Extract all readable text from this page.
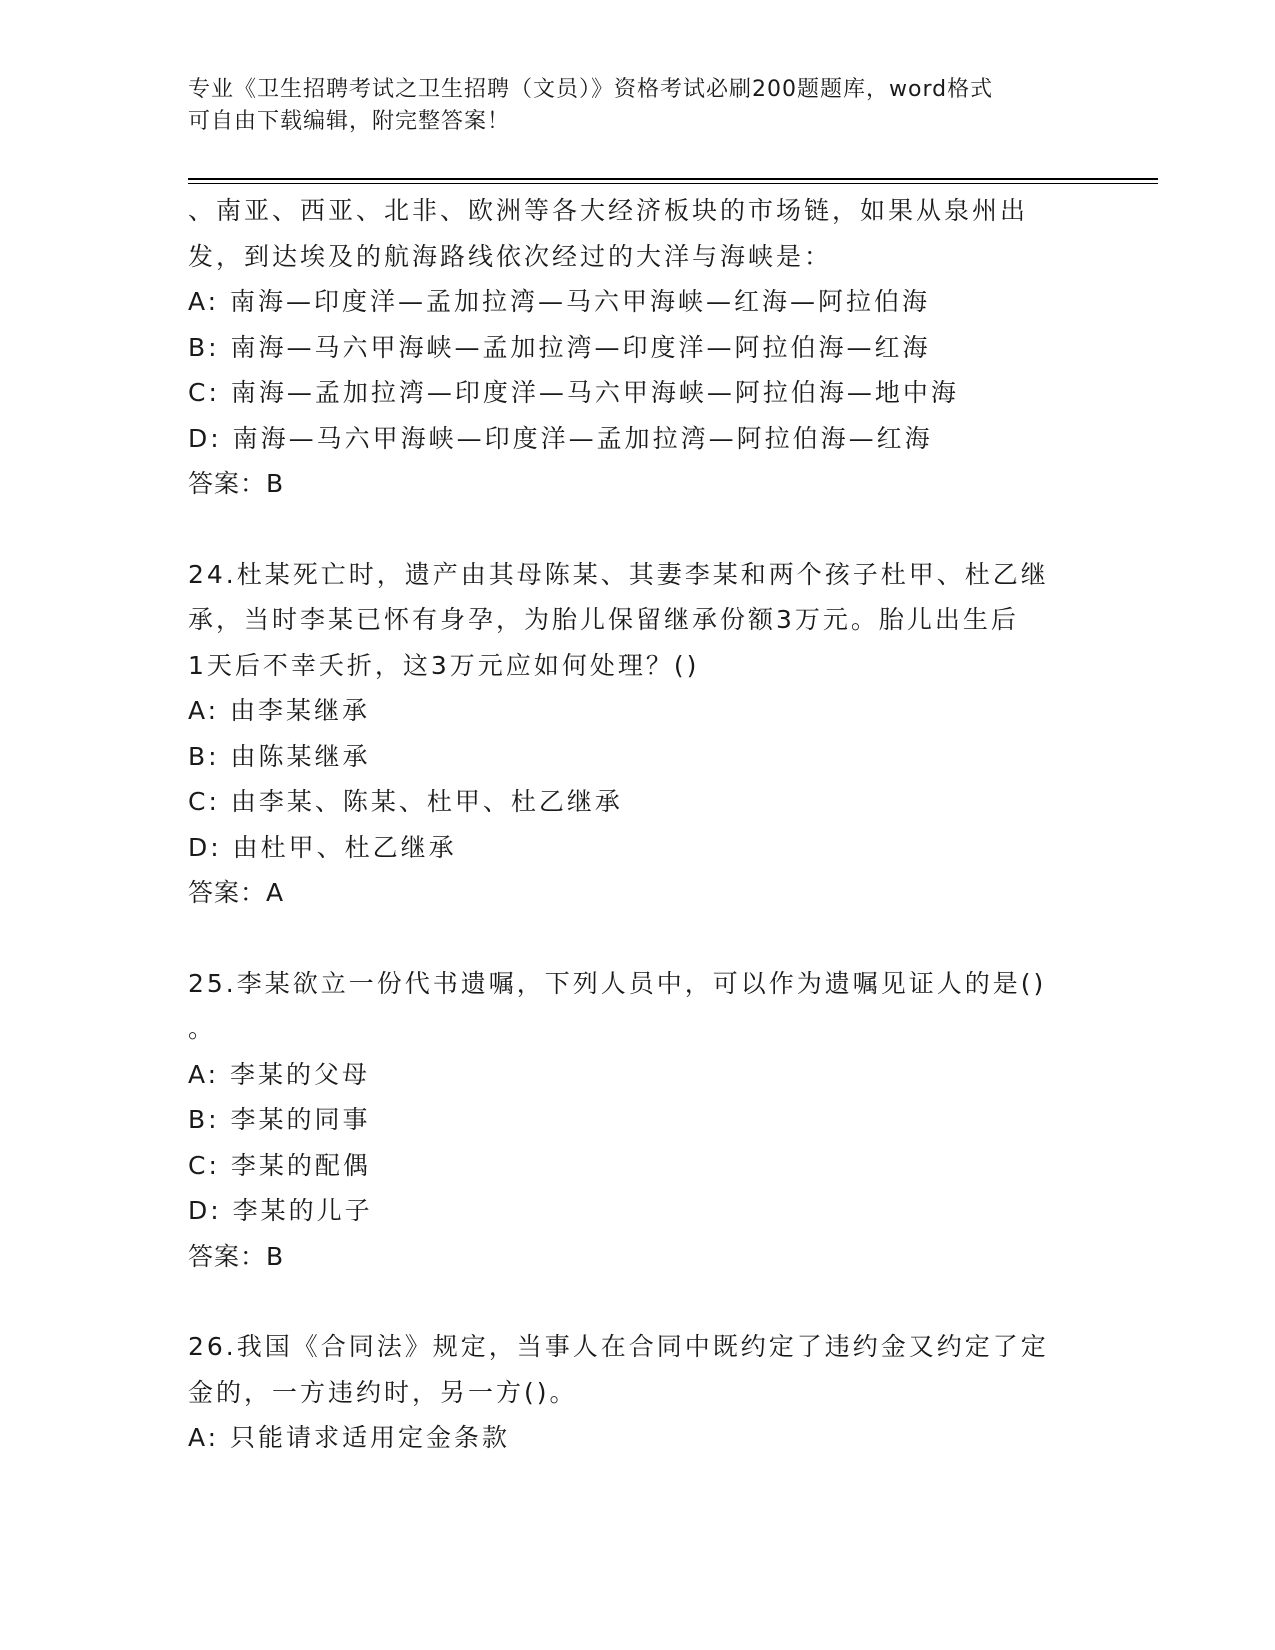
专业《卫生招聘考试之卫生招聘（文员）》资格考试必刷200题题库，word格式
可自由下载编辑，附完整答案！
、南亚、西亚、北非、欧洲等各大经济板块的市场链，如果从泉州出
发，到达埃及的航海路线依次经过的大洋与海峡是：
A: 南海—印度洋—孟加拉湾—马六甲海峡—红海—阿拉伯海
B: 南海—马六甲海峡—孟加拉湾—印度洋—阿拉伯海—红海
C: 南海—孟加拉湾—印度洋—马六甲海峡—阿拉伯海—地中海
D: 南海—马六甲海峡—印度洋—孟加拉湾—阿拉伯海—红海
答案：B
24.杜某死亡时，遗产由其母陈某、其妻李某和两个孩子杜甲、杜乙继
承，当时李某已怀有身孕，为胎儿保留继承份额3万元。胎儿出生后
1天后不幸夭折，这3万元应如何处理？()
A: 由李某继承
B: 由陈某继承
C: 由李某、陈某、杜甲、杜乙继承
D: 由杜甲、杜乙继承
答案：A
25.李某欲立一份代书遗嘱，下列人员中，可以作为遗嘱见证人的是()
。
A: 李某的父母
B: 李某的同事
C: 李某的配偶
D: 李某的儿子
答案：B
26.我国《合同法》规定，当事人在合同中既约定了违约金又约定了定
金的，一方违约时，另一方()。
A: 只能请求适用定金条款
